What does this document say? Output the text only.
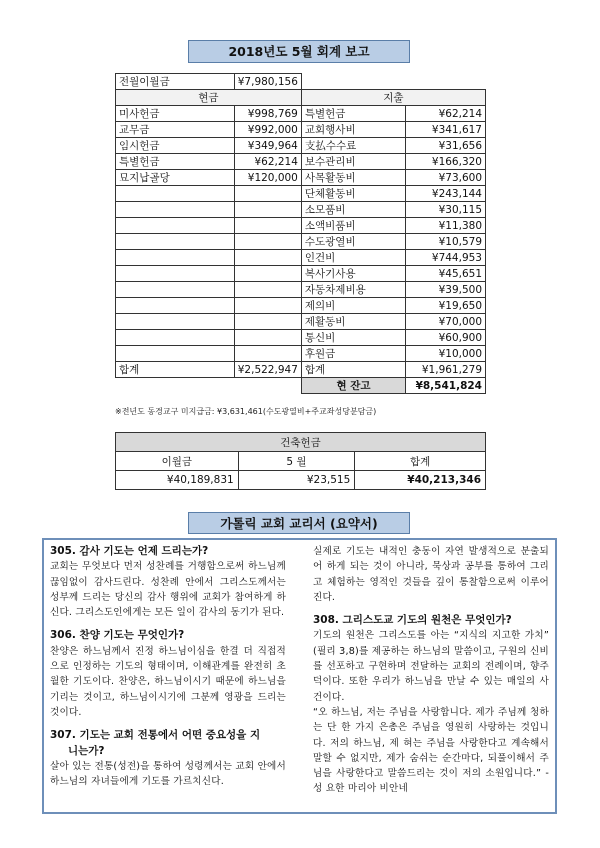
2018년도 5월 회계 보고
전월이월금	¥7,980,156		
현금		지출	
미사헌금	¥998,769	특별헌금	¥62,214
교무금	¥992,000	교회행사비	¥341,617
임시헌금	¥349,964	支払수수료	¥31,656
특별헌금	¥62,214	보수관리비	¥166,320
묘지납골당	¥120,000	사목활동비	¥73,600
		단체활동비	¥243,144
		소모품비	¥30,115
		소액비품비	¥11,380
		수도광열비	¥10,579
		인건비	¥744,953
		복사기사용	¥45,651
		자동차제비용	¥39,500
		제의비	¥19,650
		제활동비	¥70,000
		통신비	¥60,900
		후원금	¥10,000
합계	¥2,522,947	합계	¥1,961,279
		현 잔고	¥8,541,824
※전년도 동경교구 미지급금: ¥3,631,461(수도광열비+주교좌성당분담금)
건축헌금		
이월금	5 월	합계
¥40,189,831	¥23,515	¥40,213,346
가톨릭 교회 교리서 (요약서)
305. 감사 기도는 언제 드리는가?
교회는 무엇보다 먼저 성찬례를 거행함으로써 하느님께 끊임없이 감사드린다. 성찬례 안에서 그리스도께서는 성부께 드리는 당신의 감사 행위에 교회가 참여하게 하신다. 그리스도인에게는 모든 일이 감사의 동기가 된다.
306. 찬양 기도는 무엇인가?
찬양은 하느님께서 진정 하느님이심을 한결 더 직접적으로 인정하는 기도의 형태이며, 이해관계를 완전히 초월한 기도이다. 찬양은, 하느님이시기 때문에 하느님을 기리는 것이고, 하느님이시기에 그분께 영광을 드리는 것이다.
307. 기도는 교회 전통에서 어떤 중요성을 지
니는가?
살아 있는 전통(성전)을 통하여 성령께서는 교회 안에서 하느님의 자녀들에게 기도를 가르치신다.
실제로 기도는 내적인 충동이 자연 발생적으로 분출되어 하게 되는 것이 아니라, 묵상과 공부를 통하여 그리고 체험하는 영적인 것들을 깊이 통찰함으로써 이루어진다.
308. 그리스도교 기도의 원천은 무엇인가?
기도의 원천은 그리스도를 아는 “지식의 지고한 가치” (필리 3,8)를 제공하는 하느님의 말씀이고, 구원의 신비를 선포하고 구현하며 전달하는 교회의 전례이며, 향주덕이다. 또한 우리가 하느님을 만날 수 있는 매일의 사건이다.
“오 하느님, 저는 주님을 사랑합니다. 제가 주님께 청하는 단 한 가지 은총은 주님을 영원히 사랑하는 것입니다. 저의 하느님, 제 혀는 주님을 사랑한다고 계속해서 말할 수 없지만, 제가 숨쉬는 순간마다, 되풀이해서 주님을 사랑한다고 말씀드리는 것이 저의 소원입니다.” -성 요한 마리아 비안네
